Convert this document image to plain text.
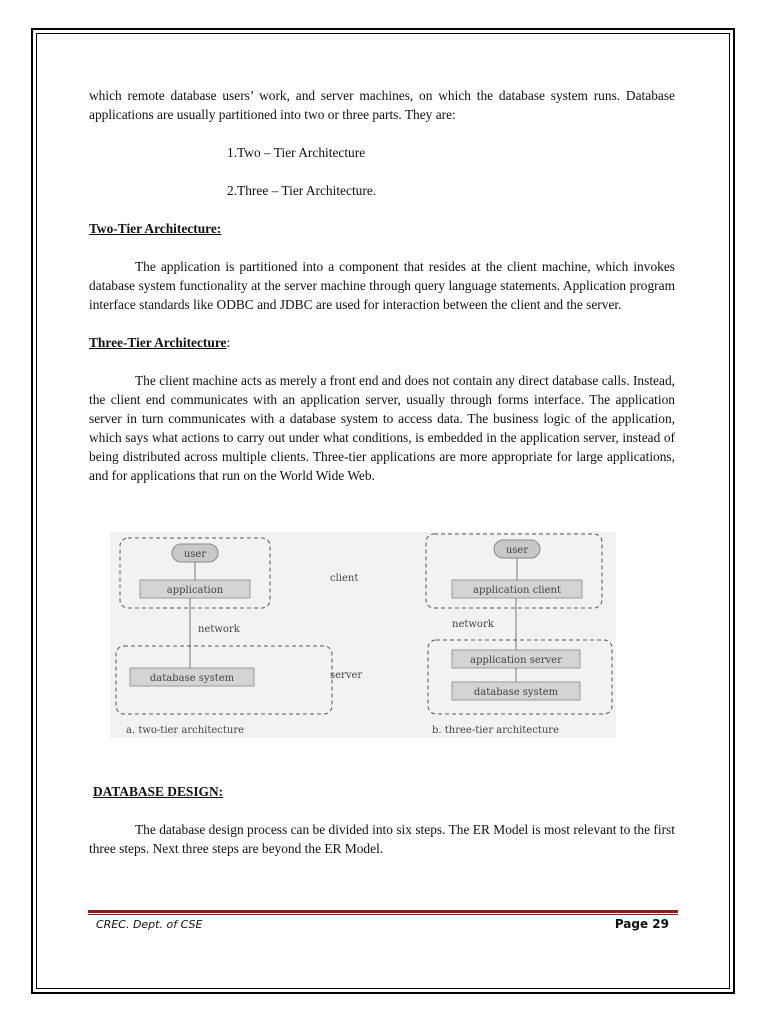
which remote database users’ work, and server machines, on which the database system runs. Database applications are usually partitioned into two or three parts. They are:

1.Two – Tier Architecture

2.Three – Tier Architecture.

Two-Tier Architecture:

The application is partitioned into a component that resides at the client machine, which invokes database system functionality at the server machine through query language statements. Application program interface standards like ODBC and JDBC are used for interaction between the client and the server.

Three-Tier Architecture:

The client machine acts as merely a front end and does not contain any direct database calls. Instead, the client end communicates with an application server, usually through forms interface. The application server in turn communicates with a database system to access data. The business logic of the application, which says what actions to carry out under what conditions, is embedded in the application server, instead of being distributed across multiple clients. Three-tier applications are more appropriate for large applications, and for applications that run on the World Wide Web.

user
application
network
database system
a. two-tier architecture
client
server
user
application client
network
application server
database system
b. three-tier architecture

DATABASE DESIGN:

The database design process can be divided into six steps. The ER Model is most relevant to the first three steps. Next three steps are beyond the ER Model.

CREC. Dept. of CSE	Page 29
